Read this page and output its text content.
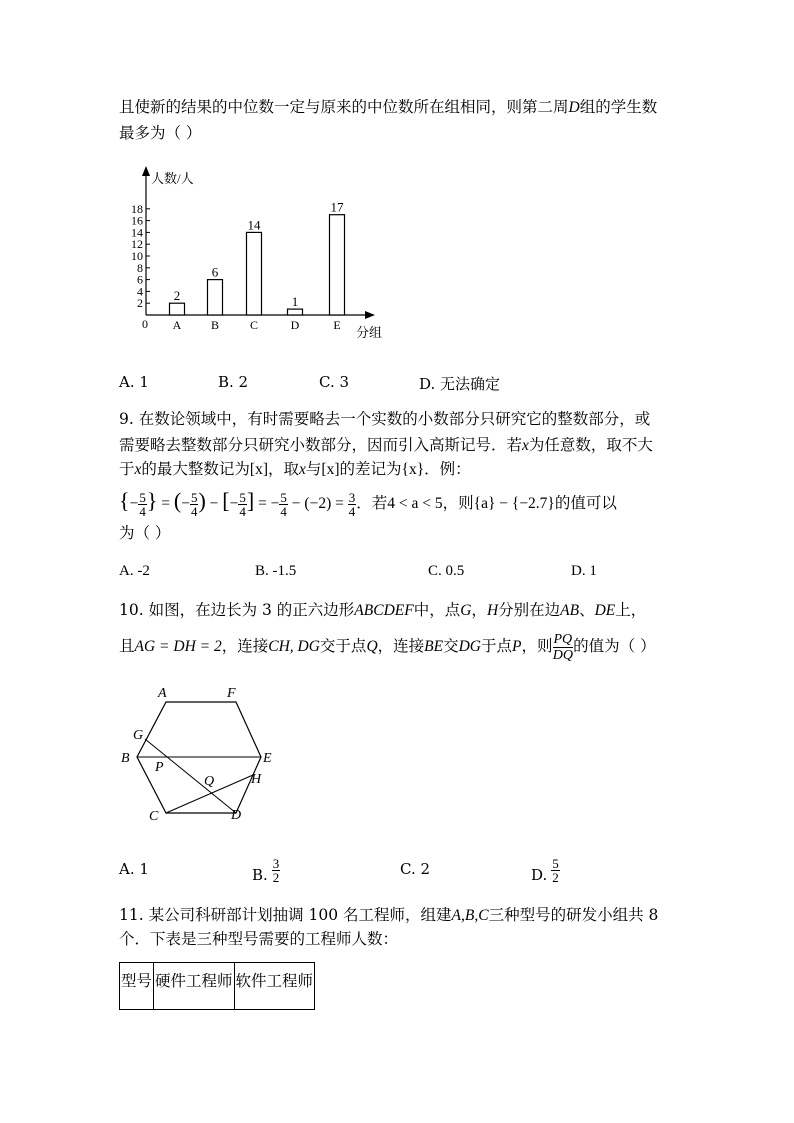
且使新的结果的中位数一定与原来的中位数所在组相同，则第二周D组的学生数
最多为（ ）
人数/人
分组
0
2
4
6
8
10
12
14
16
18
2
A
6
B
14
C
1
D
17
E
A. 1	B. 2	C. 3	D. 无法确定
9. 在数论领域中，有时需要略去一个实数的小数部分只研究它的整数部分，或
需要略去整数部分只研究小数部分，因而引入高斯记号．若x为任意数，取不大
于x的最大整数记为[x]，取x与[x]的差记为{x}．例：
{− $\frac{5}{4}$ } = (− $\frac{5}{4}$ ) − [− $\frac{5}{4}$ ] = − $\frac{5}{4} - (-2) = \frac{3}{4}$ ．若4 < a < 5，则{a} − {−2.7}的值可以
为（ ）
A. -2	B. -1.5	C. 0.5	D. 1
10. 如图，在边长为 3 的正六边形ABCDEF中，点G，H分别在边AB、DE上，
且AG = DH = 2，连接CH, DG交于点Q，连接BE交DG于点P，则 $\frac{PQ}{DQ}$ 的值为（ ）
A	F
G
B
P
E
Q	H
C	D
A. 1	B. $\frac{3}{2}$	C. 2	D. $\frac{5}{2}$
11. 某公司科研部计划抽调 100 名工程师，组建A,B,C三种型号的研发小组共 8
个．下表是三种型号需要的工程师人数：
型号	硬件工程师	软件工程师
